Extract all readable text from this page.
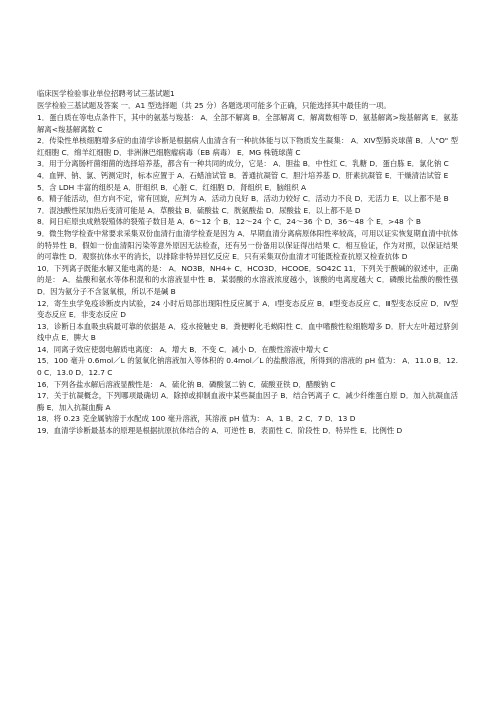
临床医学检验事业单位招聘考试三基试题1

医学检验三基试题及答案 一．A1 型选择题（共 25 分）各题选项可能多个正确，只能选择其中最佳的一项。

1．蛋白质在等电点条件下，其中的氨基与羧基： A．全部不解离 B．全部解离 C．解离数相等 D．氨基解离>羧基解离 E．氨基解离<羧基解离数 C

2．传染性单核细胞增多症的血清学诊断是根据病人血清含有一种抗体能与以下物质发生凝集： A．ⅪⅤ型肺炎球菌 B．人"O" 型红细胞 C．绵羊红细胞 D．非洲淋巴细胞瘤病毒（EB 病毒） E．MG 株链球菌 C

3．用于分离肠杆菌细菌的选择培养基，都含有一种共同的成分，它是： A．胆盐 B．中性红 C．乳糖 D．蛋白胨 E．氯化钠 C

4．血钾、钠、氯、钙测定时，标本应置于 A．石蜡油试管 B．普通抗凝管 C．胆汁培养基 D．肝素抗凝管 E．干燥清洁试管 E

5．含 LDH 丰富的组织是 A．肝组织 B．心脏 C．红细胞 D．肾组织 E．脑组织 A

6．精子能活动，但方向不定，常有回旋，应判为 A．活动力良好 B．活动力较好 C．活动力不良 D．无活力 E．以上都不是 B

7．混浊酸性尿加热后变清可能是 A．草酸盐 B．硫酸盐 C．胱氨酸盐 D．尿酸盐 E．以上都不是 D

8．间日疟原虫成熟裂殖体的裂殖子数目是 A．6～12 个 B．12～24 个 C．24～36 个 D．36～48 个 E．>48 个 B

9．微生物学检查中常要求采集双份血清行血清学检查是因为 A．早期血清分离病原体阳性率较高，可用以证实恢复期血清中抗体的特异性 B．假如一份血清阳污染等意外原因无法检查，还有另一份备用以保证得出结果 C．相互验证，作为对照，以保证结果的可靠性 D．观察抗体水平的消长，以排除非特异回忆反应 E．只有采集双份血清才可能既检查抗原又检查抗体 D

10．下列离子既能水解又能电离的是： A．NO3B．NH4+ C．HCO3D．HCOOE．SO42C 11．下列关于酸碱的叙述中，正确的是： A．盐酸和氨水等体积混和的水溶液显中性 B．某弱酸的水溶液浓度越小，该酸的电离度越大 C．磷酸比盐酸的酸性强 D．因为氨分子不含氢氧根，所以不是碱 B

12．寄生虫学免疫诊断皮内试验，24 小时后局部出现阳性反应属于 A．Ⅰ型变态反应 B．Ⅱ型变态反应 C．Ⅲ型变态反应 D．Ⅳ型变态反应 E．非变态反应 D

13．诊断日本血吸虫病最可靠的依据是 A．疫水接触史 B．粪便孵化毛蚴阳性 C．血中嗜酸性粒细胞增多 D．肝大左叶超过脐剑线中点 E．脾大 B

14．同离子效应使弱电解质电离度： A．增大 B．不变 C．减小 D．在酸性溶液中增大 C

15．100 毫升 0.6mol／L 的氢氧化钠溶液加入等体积的 0.4mol／L 的盐酸溶液，所得到的溶液的 pH 值为： A．11.0 B．12.0 C．13.0 D．12.7 C

16．下列各盐水解后溶液显酸性是： A．硫化钠 B．磷酸氢二钠 C．硫酸亚铁 D．醋酸钠 C

17．关于抗凝概念，下列哪项最确切 A．除掉或抑制血液中某些凝血因子 B．结合钙离子 C．减少纤维蛋白原 D．加入抗凝血活酶 E．加入抗凝血酶 A

18．将 0.23 克金属钠溶于水配成 100 毫升溶液，其溶液 pH 值为： A．1 B．2 C．7 D．13 D

19．血清学诊断最基本的原理是根据抗原抗体结合的 A．可逆性 B．表面性 C．阶段性 D．特异性 E．比例性 D
